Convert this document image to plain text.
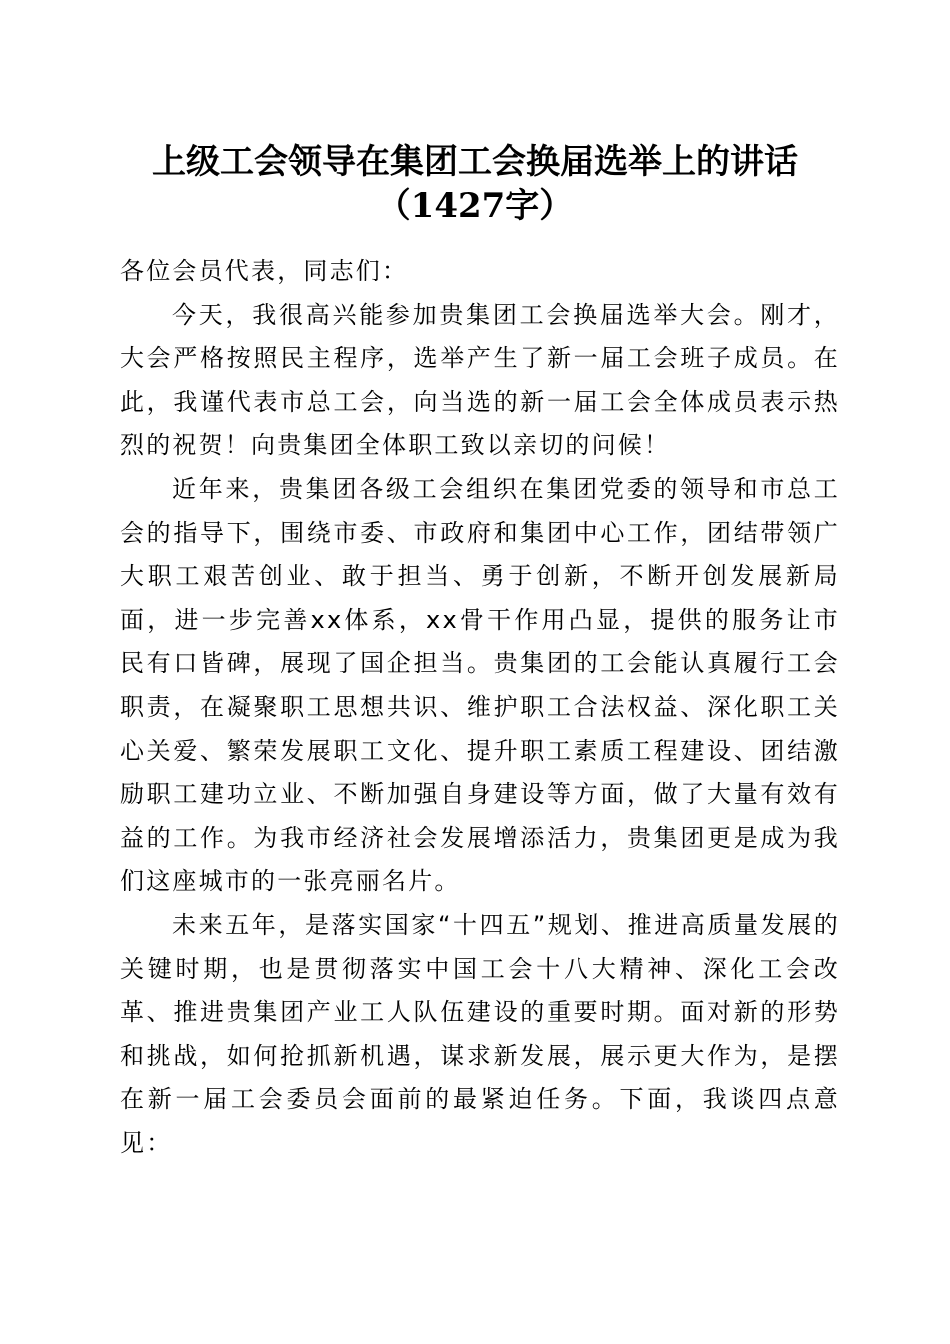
上级工会领导在集团工会换届选举上的讲话
（1427字）

各位会员代表，同志们：

今天，我很高兴能参加贵集团工会换届选举大会。刚才，大会严格按照民主程序，选举产生了新一届工会班子成员。在此，我谨代表市总工会，向当选的新一届工会全体成员表示热烈的祝贺！向贵集团全体职工致以亲切的问候！

近年来，贵集团各级工会组织在集团党委的领导和市总工会的指导下，围绕市委、市政府和集团中心工作，团结带领广大职工艰苦创业、敢于担当、勇于创新，不断开创发展新局面，进一步完善xx体系，xx骨干作用凸显，提供的服务让市民有口皆碑，展现了国企担当。贵集团的工会能认真履行工会职责，在凝聚职工思想共识、维护职工合法权益、深化职工关心关爱、繁荣发展职工文化、提升职工素质工程建设、团结激励职工建功立业、不断加强自身建设等方面，做了大量有效有益的工作。为我市经济社会发展增添活力，贵集团更是成为我们这座城市的一张亮丽名片。

未来五年，是落实国家“十四五”规划、推进高质量发展的关键时期，也是贯彻落实中国工会十八大精神、深化工会改革、推进贵集团产业工人队伍建设的重要时期。面对新的形势和挑战，如何抢抓新机遇，谋求新发展，展示更大作为，是摆在新一届工会委员会面前的最紧迫任务。下面，我谈四点意见：
